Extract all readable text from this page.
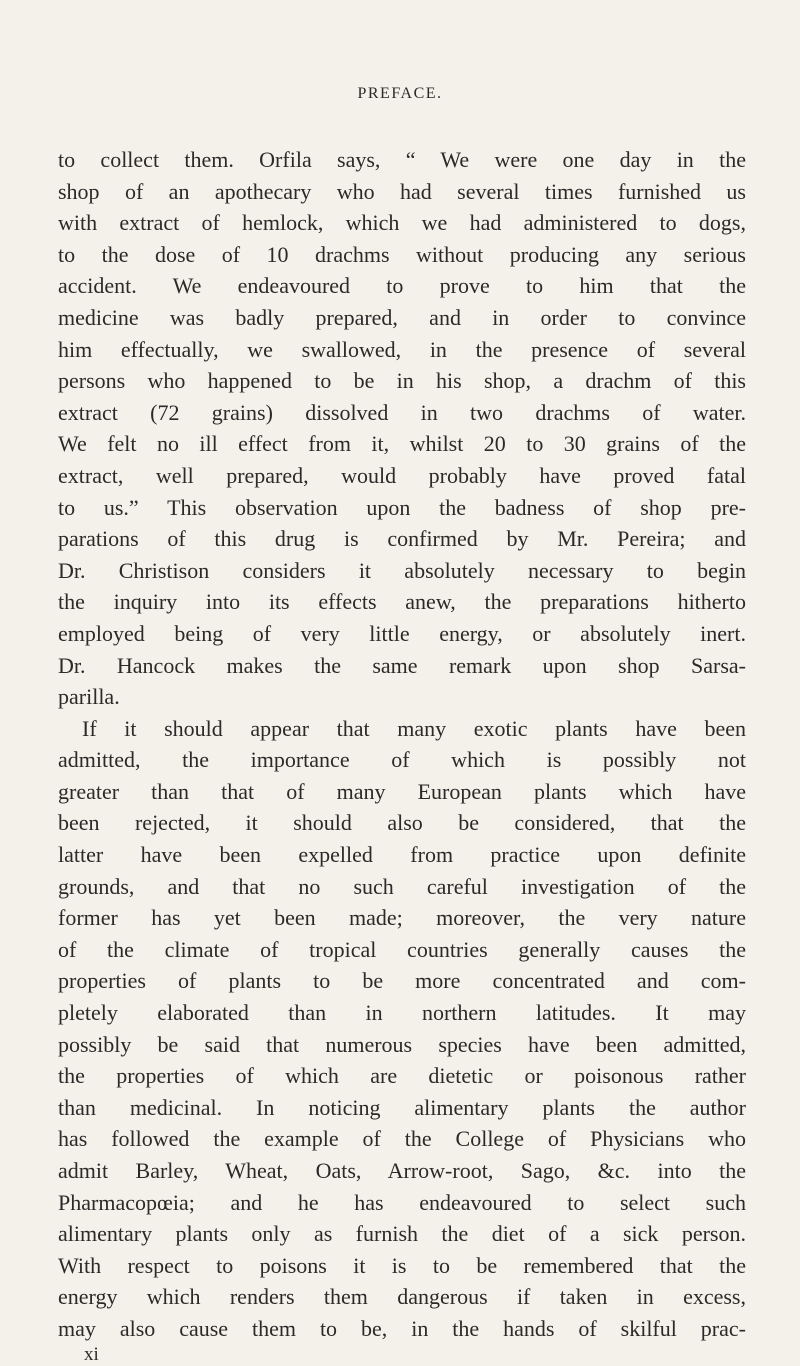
PREFACE.
to collect them. Orfila says, “ We were one day in the
shop of an apothecary who had several times furnished us
with extract of hemlock, which we had administered to dogs,
to the dose of 10 drachms without producing any serious
accident. We endeavoured to prove to him that the
medicine was badly prepared, and in order to convince
him effectually, we swallowed, in the presence of several
persons who happened to be in his shop, a drachm of this
extract (72 grains) dissolved in two drachms of water.
We felt no ill effect from it, whilst 20 to 30 grains of the
extract, well prepared, would probably have proved fatal
to us.” This observation upon the badness of shop pre-
parations of this drug is confirmed by Mr. Pereira; and
Dr. Christison considers it absolutely necessary to begin
the inquiry into its effects anew, the preparations hitherto
employed being of very little energy, or absolutely inert.
Dr. Hancock makes the same remark upon shop Sarsa-
parilla.
If it should appear that many exotic plants have been
admitted, the importance of which is possibly not
greater than that of many European plants which have
been rejected, it should also be considered, that the
latter have been expelled from practice upon definite
grounds, and that no such careful investigation of the
former has yet been made; moreover, the very nature
of the climate of tropical countries generally causes the
properties of plants to be more concentrated and com-
pletely elaborated than in northern latitudes. It may
possibly be said that numerous species have been admitted,
the properties of which are dietetic or poisonous rather
than medicinal. In noticing alimentary plants the author
has followed the example of the College of Physicians who
admit Barley, Wheat, Oats, Arrow-root, Sago, &c. into the
Pharmacopœia; and he has endeavoured to select such
alimentary plants only as furnish the diet of a sick person.
With respect to poisons it is to be remembered that the
energy which renders them dangerous if taken in excess,
may also cause them to be, in the hands of skilful prac-
xi
